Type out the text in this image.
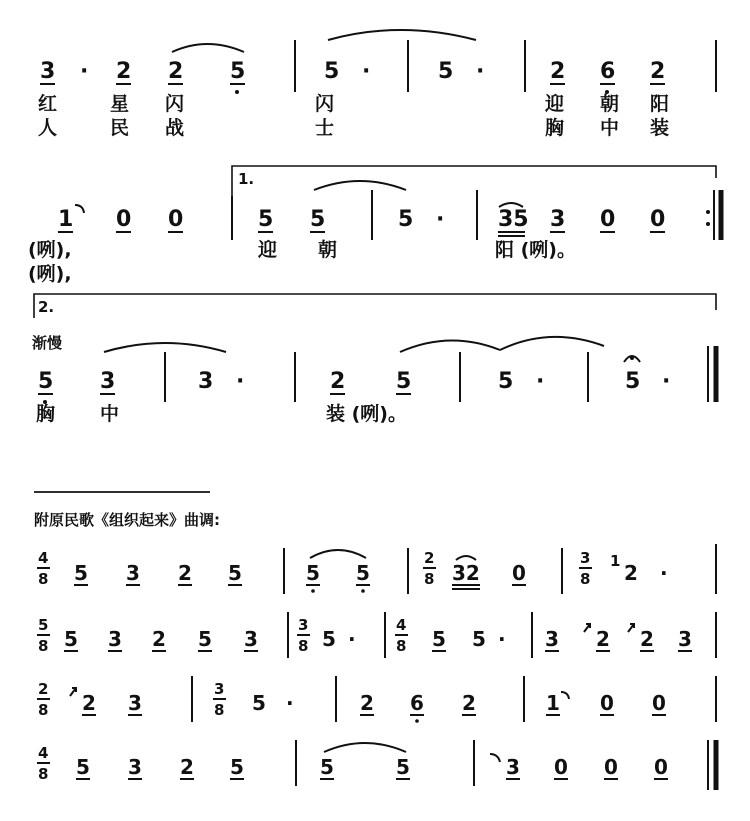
3 · 2 2 5	5 ·	5 ·	2 6 2
红	星 闪	闪	迎 朝 阳
人	民 战	士	胸 中 装
1 0 0
1.
5 5	5 · 35 3 0 0
(咧),
(咧),
迎 朝	阳 (咧)。
2.
渐慢
5 3	3 ·	2 5	5 ·	5 ·
胸 中	装 (咧)。
附原民歌《组织起来》曲调:
4
8 5 3 2 5	5 5
2
8 32 0
3
8
1 2 ·
5
8 5 3 2 5 3
3
8 5 ·
4
8 5 5 · 3 2 2 3
2
8 2 3
3
8 5 ·	2 6 2	1 0 0
4
8 5 3 2 5	5	5	3 0 0 0
